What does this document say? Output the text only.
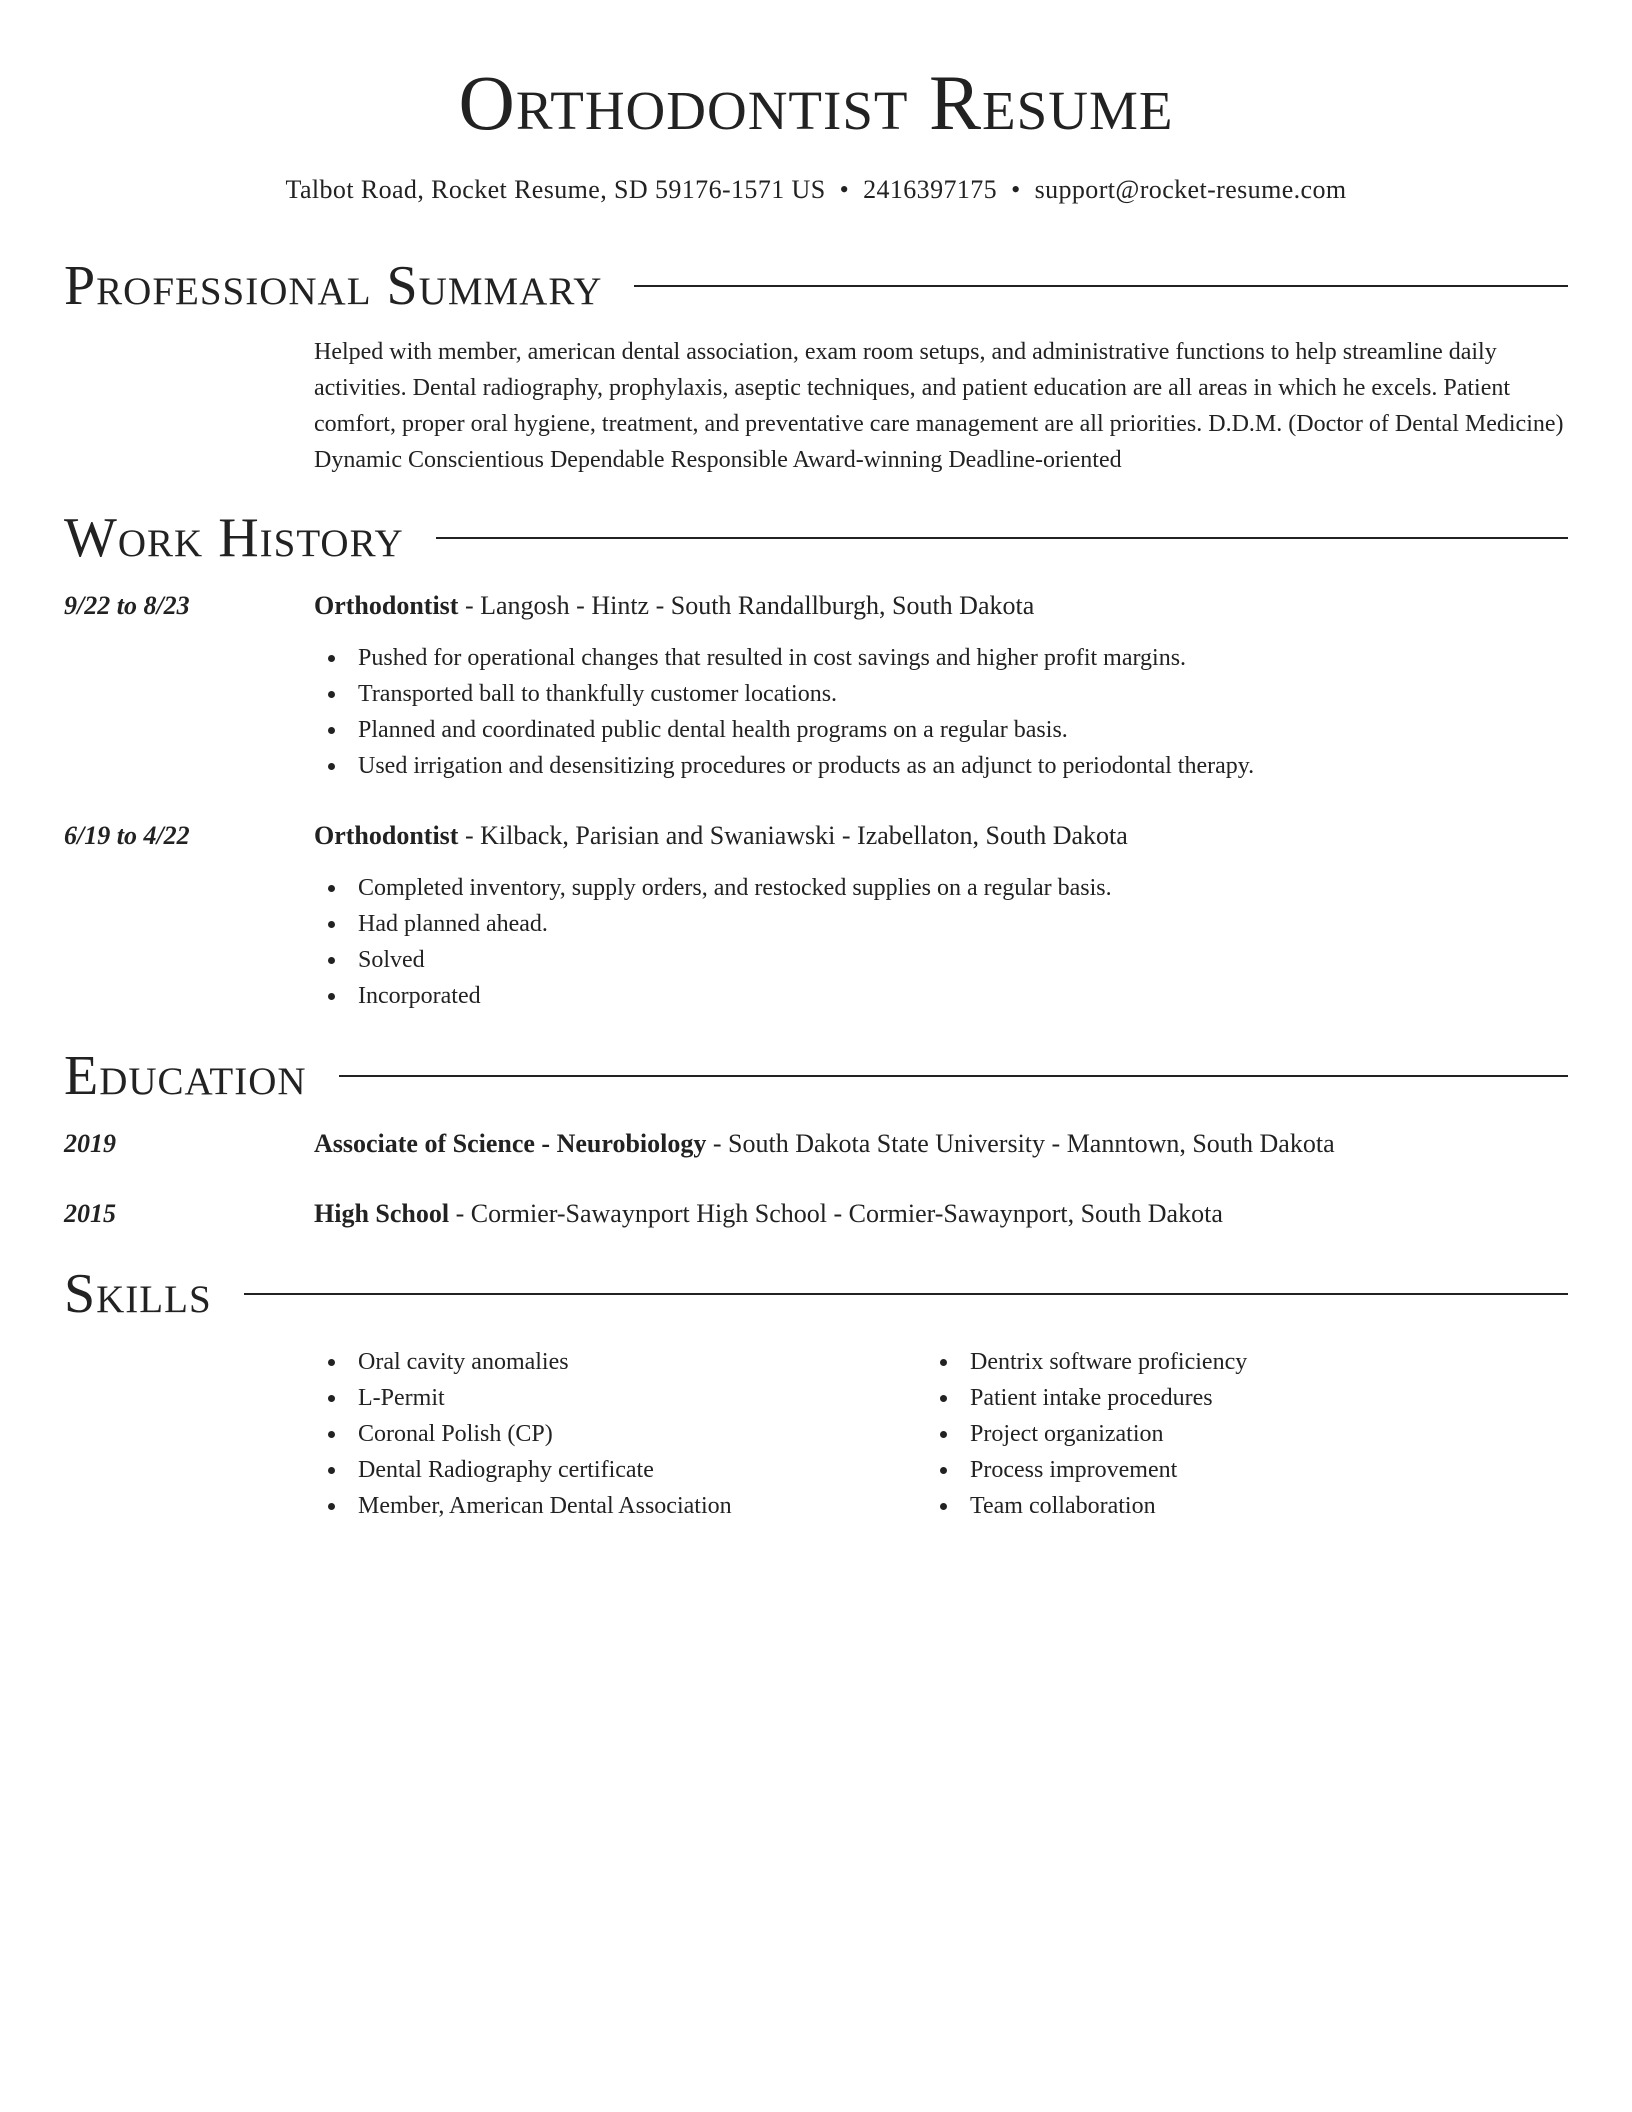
Orthodontist Resume
Talbot Road, Rocket Resume, SD 59176-1571 US • 2416397175 • support@rocket-resume.com
Professional Summary
Helped with member, american dental association, exam room setups, and administrative functions to help streamline daily activities. Dental radiography, prophylaxis, aseptic techniques, and patient education are all areas in which he excels. Patient comfort, proper oral hygiene, treatment, and preventative care management are all priorities. D.D.M. (Doctor of Dental Medicine) Dynamic Conscientious Dependable Responsible Award-winning Deadline-oriented
Work History
9/22 to 8/23	Orthodontist - Langosh - Hintz - South Randallburgh, South Dakota
Pushed for operational changes that resulted in cost savings and higher profit margins.
Transported ball to thankfully customer locations.
Planned and coordinated public dental health programs on a regular basis.
Used irrigation and desensitizing procedures or products as an adjunct to periodontal therapy.
6/19 to 4/22	Orthodontist - Kilback, Parisian and Swaniawski - Izabellaton, South Dakota
Completed inventory, supply orders, and restocked supplies on a regular basis.
Had planned ahead.
Solved
Incorporated
Education
2019	Associate of Science - Neurobiology - South Dakota State University - Manntown, South Dakota
2015	High School - Cormier-Sawaynport High School - Cormier-Sawaynport, South Dakota
Skills
Oral cavity anomalies
L-Permit
Coronal Polish (CP)
Dental Radiography certificate
Member, American Dental Association
Dentrix software proficiency
Patient intake procedures
Project organization
Process improvement
Team collaboration
